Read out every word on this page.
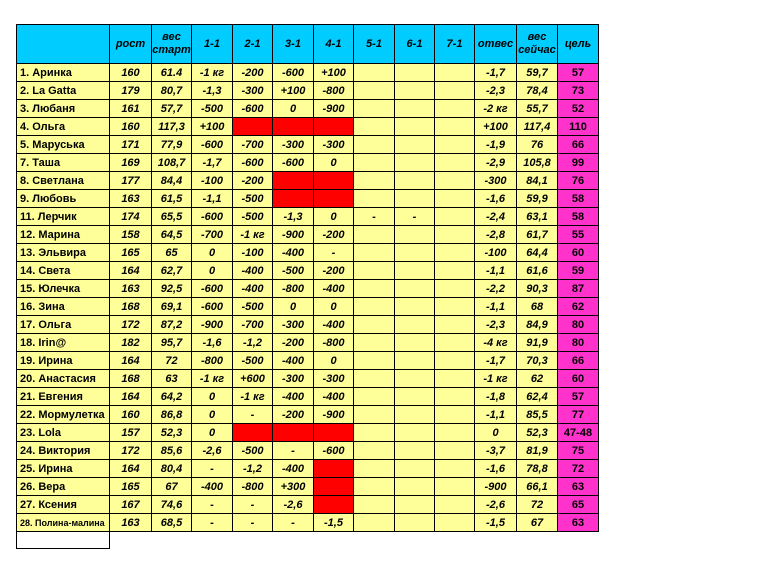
	рост	вес старт	1-1	2-1	3-1	4-1	5-1	6-1	7-1	отвес	вес сейчас	цель
1. Аринка	160	61.4	-1 кг	-200	-600	+100				-1,7	59,7	57
2. La Gatta	179	80,7	-1,3	-300	+100	-800				-2,3	78,4	73
3. Любаня	161	57,7	-500	-600	0	-900				-2 кг	55,7	52
4. Ольга	160	117,3	+100							+100	117,4	110
5. Маруська	171	77,9	-600	-700	-300	-300				-1,9	76	66
7. Таша	169	108,7	-1,7	-600	-600	0				-2,9	105,8	99
8. Светлана	177	84,4	-100	-200						-300	84,1	76
9. Любовь	163	61,5	-1,1	-500						-1,6	59,9	58
11. Лерчик	174	65,5	-600	-500	-1,3	0	-	-		-2,4	63,1	58
12. Марина	158	64,5	-700	-1 кг	-900	-200				-2,8	61,7	55
13. Эльвира	165	65	0	-100	-400	-				-100	64,4	60
14. Света	164	62,7	0	-400	-500	-200				-1,1	61,6	59
15. Юлечка	163	92,5	-600	-400	-800	-400				-2,2	90,3	87
16. Зина	168	69,1	-600	-500	0	0				-1,1	68	62
17. Ольга	172	87,2	-900	-700	-300	-400				-2,3	84,9	80
18. Irin@	182	95,7	-1,6	-1,2	-200	-800				-4 кг	91,9	80
19. Ирина	164	72	-800	-500	-400	0				-1,7	70,3	66
20. Анастасия	168	63	-1 кг	+600	-300	-300				-1 кг	62	60
21. Евгения	164	64,2	0	-1 кг	-400	-400				-1,8	62,4	57
22. Мормулетка	160	86,8	0	-	-200	-900				-1,1	85,5	77
23. Lola	157	52,3	0							0	52,3	47-48
24. Виктория	172	85,6	-2,6	-500	-	-600				-3,7	81,9	75
25. Ирина	164	80,4	-	-1,2	-400					-1,6	78,8	72
26. Вера	165	67	-400	-800	+300					-900	66,1	63
27. Ксения	167	74,6	-	-	-2,6					-2,6	72	65
28. Полина-малина	163	68,5	-	-	-	-1,5				-1,5	67	63
